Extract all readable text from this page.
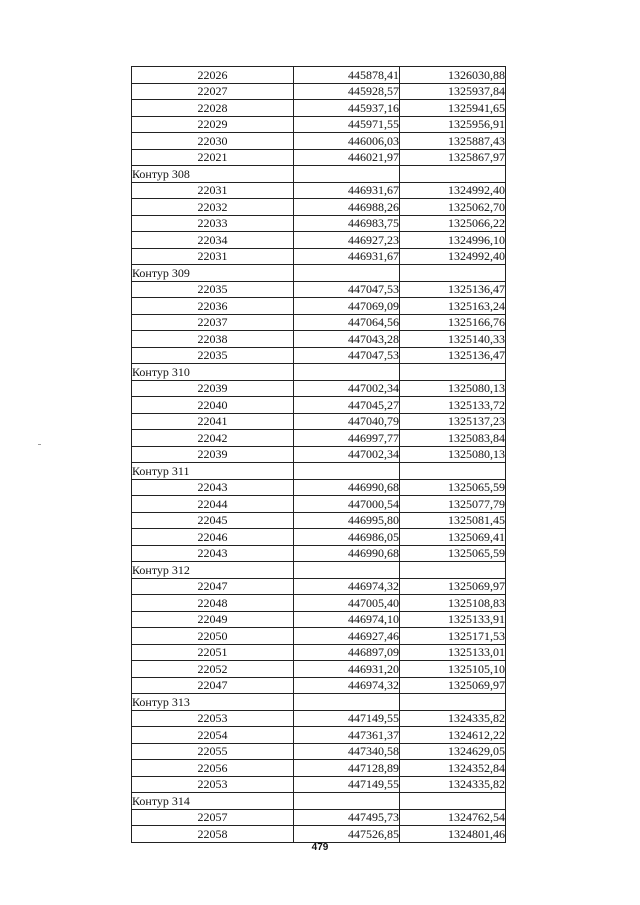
22026	445878,41	1326030,88
22027	445928,57	1325937,84
22028	445937,16	1325941,65
22029	445971,55	1325956,91
22030	446006,03	1325887,43
22021	446021,97	1325867,97
Контур 308		
22031	446931,67	1324992,40
22032	446988,26	1325062,70
22033	446983,75	1325066,22
22034	446927,23	1324996,10
22031	446931,67	1324992,40
Контур 309		
22035	447047,53	1325136,47
22036	447069,09	1325163,24
22037	447064,56	1325166,76
22038	447043,28	1325140,33
22035	447047,53	1325136,47
Контур 310		
22039	447002,34	1325080,13
22040	447045,27	1325133,72
22041	447040,79	1325137,23
22042	446997,77	1325083,84
22039	447002,34	1325080,13
Контур 311		
22043	446990,68	1325065,59
22044	447000,54	1325077,79
22045	446995,80	1325081,45
22046	446986,05	1325069,41
22043	446990,68	1325065,59
Контур 312		
22047	446974,32	1325069,97
22048	447005,40	1325108,83
22049	446974,10	1325133,91
22050	446927,46	1325171,53
22051	446897,09	1325133,01
22052	446931,20	1325105,10
22047	446974,32	1325069,97
Контур 313		
22053	447149,55	1324335,82
22054	447361,37	1324612,22
22055	447340,58	1324629,05
22056	447128,89	1324352,84
22053	447149,55	1324335,82
Контур 314		
22057	447495,73	1324762,54
22058	447526,85	1324801,46
479
